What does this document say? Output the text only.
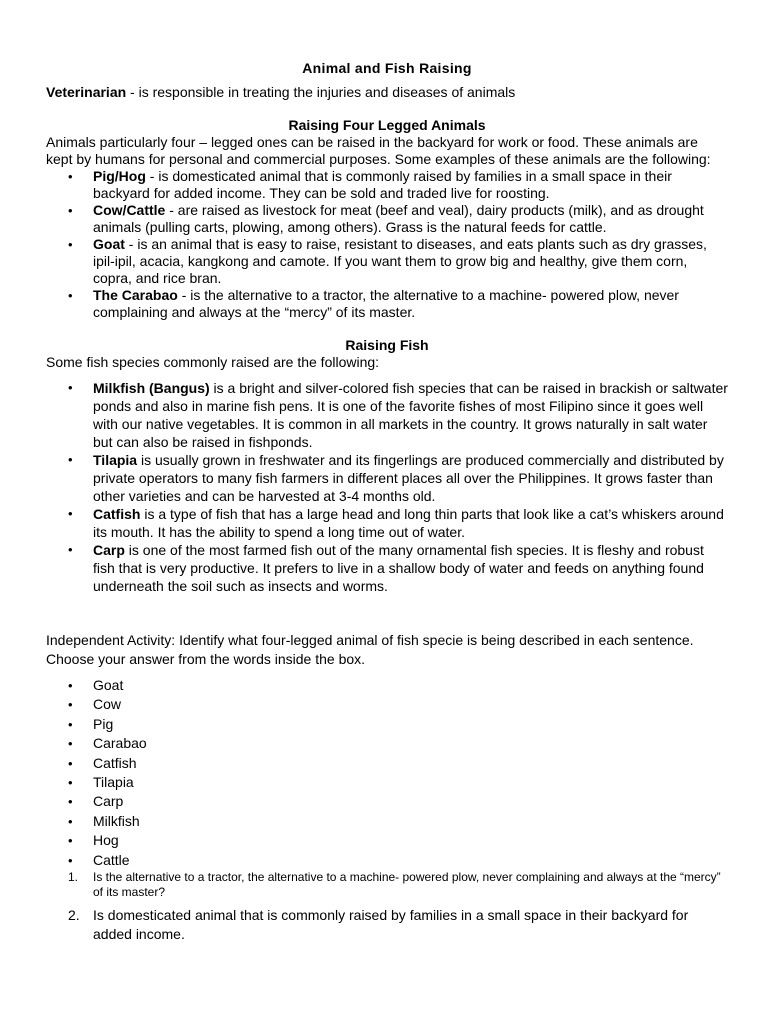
Animal and Fish Raising

Veterinarian - is responsible in treating the injuries and diseases of animals

Raising Four Legged Animals

Animals particularly four – legged ones can be raised in the backyard for work or food. These animals are kept by humans for personal and commercial purposes. Some examples of these animals are the following:

• Pig/Hog - is domesticated animal that is commonly raised by families in a small space in their backyard for added income. They can be sold and traded live for roosting.
• Cow/Cattle - are raised as livestock for meat (beef and veal), dairy products (milk), and as drought animals (pulling carts, plowing, among others). Grass is the natural feeds for cattle.
• Goat - is an animal that is easy to raise, resistant to diseases, and eats plants such as dry grasses, ipil-ipil, acacia, kangkong and camote. If you want them to grow big and healthy, give them corn, copra, and rice bran.
• The Carabao - is the alternative to a tractor, the alternative to a machine- powered plow, never complaining and always at the “mercy” of its master.
Raising Fish

Some fish species commonly raised are the following:

• Milkfish (Bangus) is a bright and silver-colored fish species that can be raised in brackish or saltwater ponds and also in marine fish pens. It is one of the favorite fishes of most Filipino since it goes well with our native vegetables. It is common in all markets in the country. It grows naturally in salt water but can also be raised in fishponds.
• Tilapia is usually grown in freshwater and its fingerlings are produced commercially and distributed by private operators to many fish farmers in different places all over the Philippines. It grows faster than other varieties and can be harvested at 3-4 months old.
• Catfish is a type of fish that has a large head and long thin parts that look like a cat’s whiskers around its mouth. It has the ability to spend a long time out of water.
• Carp is one of the most farmed fish out of the many ornamental fish species. It is fleshy and robust fish that is very productive. It prefers to live in a shallow body of water and feeds on anything found underneath the soil such as insects and worms.

Independent Activity: Identify what four-legged animal of fish specie is being described in each sentence. Choose your answer from the words inside the box.

• Goat
• Cow
• Pig
• Carabao
• Catfish
• Tilapia
• Carp
• Milkfish
• Hog
• Cattle
1. Is the alternative to a tractor, the alternative to a machine- powered plow, never complaining and always at the “mercy” of its master?
2. Is domesticated animal that is commonly raised by families in a small space in their backyard for added income.
